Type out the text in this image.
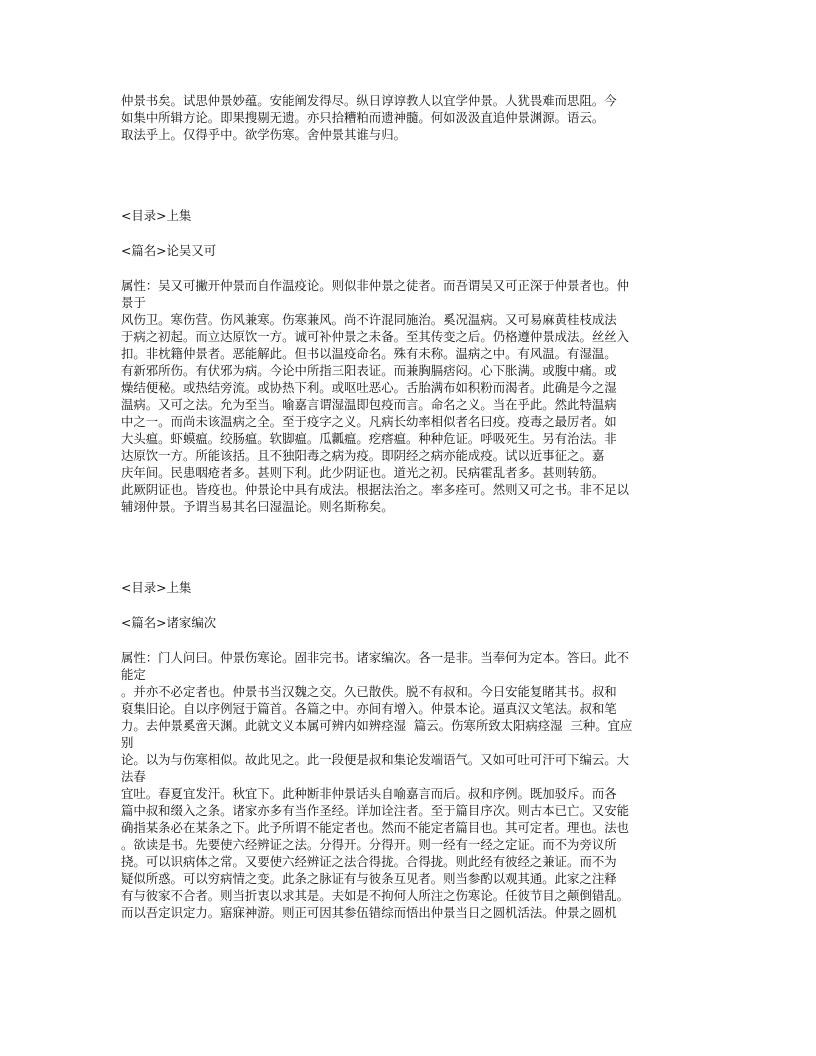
仲景书矣。试思仲景妙蕴。安能阐发得尽。纵日谆谆教人以宜学仲景。人犹畏难而思阻。今

如集中所辑方论。即果搜剔无遗。亦只拾糟粕而遗神髓。何如汲汲直追仲景渊源。语云。

取法乎上。仅得乎中。欲学伤寒。舍仲景其谁与归。

<目录>上集

<篇名>论吴又可

属性：吴又可撇开仲景而自作温疫论。则似非仲景之徒者。而吾谓吴又可正深于仲景者也。仲

景于

风伤卫。寒伤营。伤风兼寒。伤寒兼风。尚不许混同施治。奚况温病。又可易麻黄桂枝成法

于病之初起。而立达原饮一方。诚可补仲景之未备。至其传变之后。仍格遵仲景成法。丝丝入

扣。非枕籍仲景者。恶能解此。但书以温疫命名。殊有未称。温病之中。有风温。有湿温。

有新邪所伤。有伏邪为病。今论中所指三阳表证。而兼胸膈痞闷。心下胀满。或腹中痛。或

燥结便秘。或热结旁流。或协热下利。或呕吐恶心。舌胎满布如积粉而渴者。此确是今之湿

温病。又可之法。允为至当。喻嘉言谓湿温即包疫而言。命名之义。当在乎此。然此特温病

中之一。而尚未该温病之全。至于疫字之义。凡病长幼率相似者名曰疫。疫毒之最厉者。如

大头瘟。虾蟆瘟。绞肠瘟。软脚瘟。瓜瓤瘟。疙瘩瘟。种种危证。呼吸死生。另有治法。非

达原饮一方。所能该括。且不独阳毒之病为疫。即阴经之病亦能成疫。试以近事征之。嘉

庆年间。民患咽疮者多。甚则下利。此少阴证也。道光之初。民病霍乱者多。甚则转筋。

此厥阴证也。皆疫也。仲景论中具有成法。根据法治之。率多痊可。然则又可之书。非不足以

辅翊仲景。予谓当易其名曰湿温论。则名斯称矣。

<目录>上集

<篇名>诸家编次

属性：门人问曰。仲景伤寒论。固非完书。诸家编次。各一是非。当奉何为定本。答曰。此不

能定

。并亦不必定者也。仲景书当汉魏之交。久已散佚。脱不有叔和。今日安能复睹其书。叔和

裒集旧论。自以序例冠于篇首。各篇之中。亦间有增入。仲景本论。逼真汉文笔法。叔和笔

力。去仲景奚啻天渊。此就文义本属可辨内如辨痉湿  篇云。伤寒所致太阳病痉湿  三种。宜应

别

论。以为与伤寒相似。故此见之。此一段便是叔和集论发端语气。又如可吐可汗可下编云。大

法春

宜吐。春夏宜发汗。秋宜下。此种断非仲景话头自喻嘉言而后。叔和序例。既加驳斥。而各

篇中叔和缀入之条。诸家亦多有当作圣经。详加诠注者。至于篇目序次。则古本已亡。又安能

确指某条必在某条之下。此予所谓不能定者也。然而不能定者篇目也。其可定者。理也。法也

。欲读是书。先要使六经辨证之法。分得开。分得开。则一经有一经之定证。而不为旁议所

挠。可以识病体之常。又要使六经辨证之法合得拢。合得拢。则此经有彼经之兼证。而不为

疑似所惑。可以穷病情之变。此条之脉证有与彼条互见者。则当参酌以观其通。此家之注释

有与彼家不合者。则当折衷以求其是。夫如是不拘何人所注之伤寒论。任彼节目之颠倒错乱。

而以吾定识定力。寤寐神游。则正可因其参伍错综而悟出仲景当日之圆机活法。仲景之圆机
